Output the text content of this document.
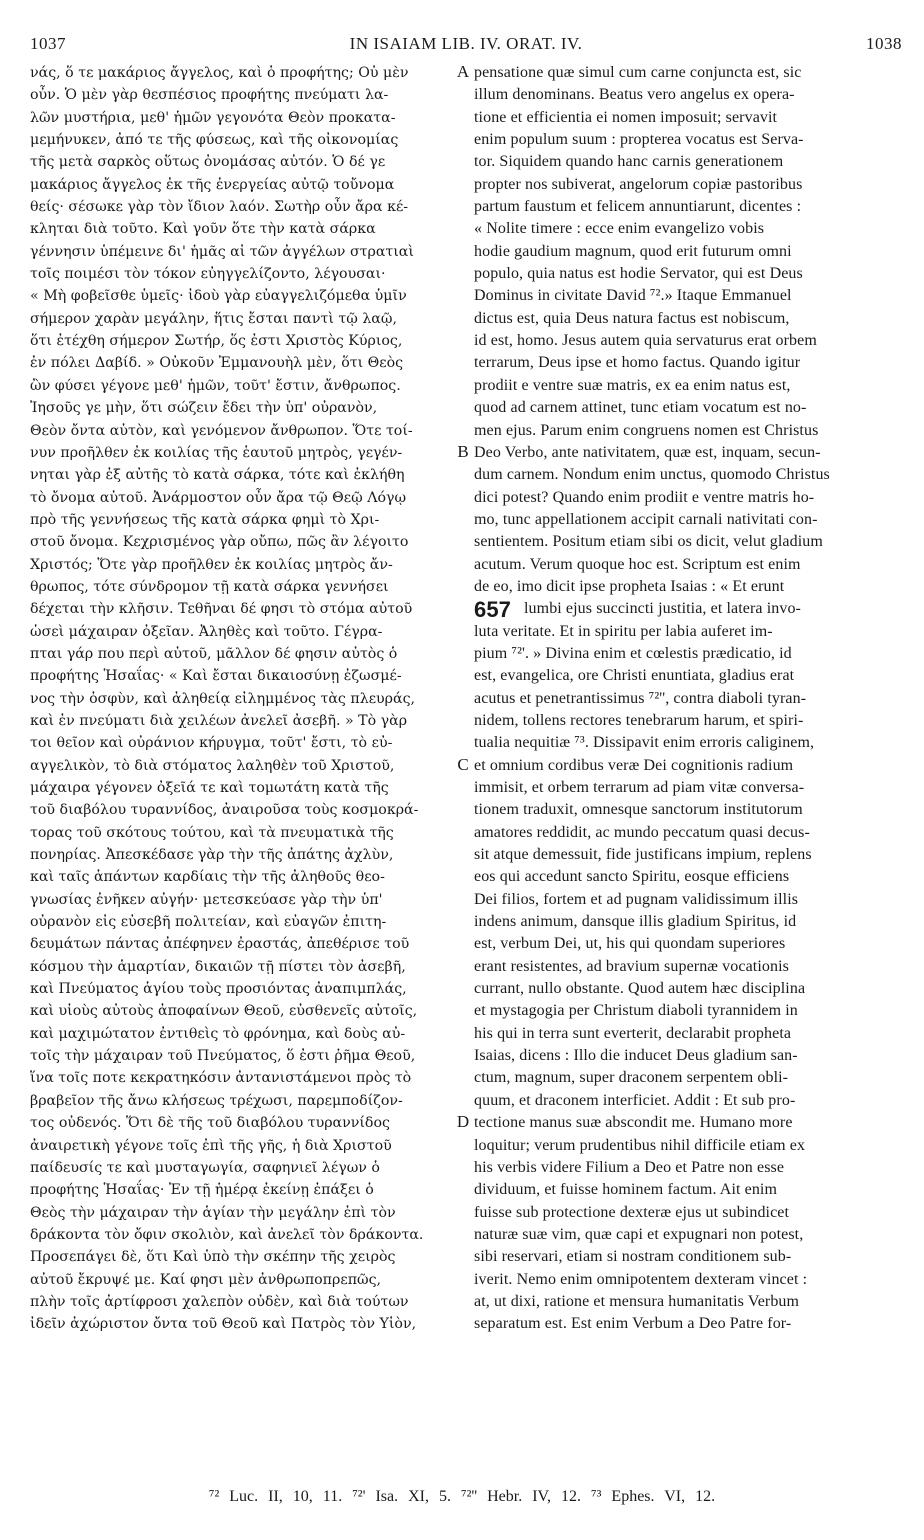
1037	IN ISAIAM LIB. IV. ORAT. IV.	1038
νάς, ὅ τε μακάριος ἄγγελος, καὶ ὁ προφήτης; Οὐ μὲν
οὖν. Ὁ μὲν γὰρ θεσπέσιος προφήτης πνεύματι λα-
λῶν μυστήρια, μεθ' ἡμῶν γεγονότα Θεὸν προκατα-
μεμήνυκεν, ἀπό τε τῆς φύσεως, καὶ τῆς οἰκονομίας
τῆς μετὰ σαρκὸς οὕτως ὀνομάσας αὐτόν. Ὁ δέ γε
μακάριος ἄγγελος ἐκ τῆς ἐνεργείας αὐτῷ τοὔνομα
θείς· σέσωκε γὰρ τὸν ἴδιον λαόν. Σωτὴρ οὖν ἄρα κέ-
κληται διὰ τοῦτο. Καὶ γοῦν ὅτε τὴν κατὰ σάρκα
γέννησιν ὑπέμεινε δι' ἡμᾶς αἱ τῶν ἀγγέλων στρατιαὶ
τοῖς ποιμέσι τὸν τόκον εὐηγγελίζοντο, λέγουσαι·
« Μὴ φοβεῖσθε ὑμεῖς· ἰδοὺ γὰρ εὐαγγελιζόμεθα ὑμῖν
σήμερον χαρὰν μεγάλην, ἥτις ἔσται παντὶ τῷ λαῷ,
ὅτι ἐτέχθη σήμερον Σωτήρ, ὅς ἐστι Χριστὸς Κύριος,
ἐν πόλει Δαβίδ. » Οὐκοῦν Ἐμμανουὴλ μὲν, ὅτι Θεὸς
ὢν φύσει γέγονε μεθ' ἡμῶν, τοῦτ' ἔστιν, ἄνθρωπος.
Ἰησοῦς γε μὴν, ὅτι σώζειν ἔδει τὴν ὑπ' οὐρανὸν,
Θεὸν ὄντα αὐτὸν, καὶ γενόμενον ἄνθρωπον. Ὅτε τοί-
νυν προῆλθεν ἐκ κοιλίας τῆς ἑαυτοῦ μητρὸς, γεγέν-
νηται γὰρ ἐξ αὐτῆς τὸ κατὰ σάρκα, τότε καὶ ἐκλήθη
τὸ ὄνομα αὐτοῦ. Ἀνάρμοστον οὖν ἄρα τῷ Θεῷ Λόγῳ
πρὸ τῆς γεννήσεως τῆς κατὰ σάρκα φημὶ τὸ Χρι-
στοῦ ὄνομα. Κεχρισμένος γὰρ οὔπω, πῶς ἂν λέγοιτο
Χριστός; Ὅτε γὰρ προῆλθεν ἐκ κοιλίας μητρὸς ἄν-
θρωπος, τότε σύνδρομον τῇ κατὰ σάρκα γεννήσει
δέχεται τὴν κλῆσιν. Τεθῆναι δέ φησι τὸ στόμα αὐτοῦ
ὡσεὶ μάχαιραν ὀξεῖαν. Ἀληθὲς καὶ τοῦτο. Γέγρα-
πται γάρ που περὶ αὐτοῦ, μᾶλλον δέ φησιν αὐτὸς ὁ
προφήτης Ἡσαΐας· « Καὶ ἔσται δικαιοσύνῃ ἐζωσμέ-
νος τὴν ὀσφὺν, καὶ ἀληθείᾳ εἰλημμένος τὰς πλευράς,
καὶ ἐν πνεύματι διὰ χειλέων ἀνελεῖ ἀσεβῆ. » Τὸ γὰρ
τοι θεῖον καὶ οὐράνιον κήρυγμα, τοῦτ' ἔστι, τὸ εὐ-
αγγελικὸν, τὸ διὰ στόματος λαληθὲν τοῦ Χριστοῦ,
μάχαιρα γέγονεν ὀξεῖά τε καὶ τομωτάτη κατὰ τῆς
τοῦ διαβόλου τυραννίδος, ἀναιροῦσα τοὺς κοσμοκρά-
τορας τοῦ σκότους τούτου, καὶ τὰ πνευματικὰ τῆς
πονηρίας. Ἀπεσκέδασε γὰρ τὴν τῆς ἀπάτης ἀχλὺν,
καὶ ταῖς ἁπάντων καρδίαις τὴν τῆς ἀληθοῦς θεο-
γνωσίας ἐνῆκεν αὐγήν· μετεσκεύασε γὰρ τὴν ὑπ'
οὐρανὸν εἰς εὐσεβῆ πολιτείαν, καὶ εὐαγῶν ἐπιτη-
δευμάτων πάντας ἀπέφηνεν ἐραστάς, ἀπεθέρισε τοῦ
κόσμου τὴν ἁμαρτίαν, δικαιῶν τῇ πίστει τὸν ἀσεβῆ,
καὶ Πνεύματος ἁγίου τοὺς προσιόντας ἀναπιμπλάς,
καὶ υἱοὺς αὐτοὺς ἀποφαίνων Θεοῦ, εὐσθενεῖς αὐτοῖς,
καὶ μαχιμώτατον ἐντιθεὶς τὸ φρόνημα, καὶ δοὺς αὐ-
τοῖς τὴν μάχαιραν τοῦ Πνεύματος, ὅ ἐστι ῥῆμα Θεοῦ,
ἵνα τοῖς ποτε κεκρατηκόσιν ἀντανιστάμενοι πρὸς τὸ
βραβεῖον τῆς ἄνω κλήσεως τρέχωσι, παρεμποδίζον-
τος οὐδενός. Ὅτι δὲ τῆς τοῦ διαβόλου τυραννίδος
ἀναιρετικὴ γέγονε τοῖς ἐπὶ τῆς γῆς, ἡ διὰ Χριστοῦ
παίδευσίς τε καὶ μυσταγωγία, σαφηνιεῖ λέγων ὁ
προφήτης Ἡσαΐας· Ἐν τῇ ἡμέρᾳ ἐκείνῃ ἐπάξει ὁ
Θεὸς τὴν μάχαιραν τὴν ἁγίαν τὴν μεγάλην ἐπὶ τὸν
δράκοντα τὸν ὄφιν σκολιὸν, καὶ ἀνελεῖ τὸν δράκοντα.
Προσεπάγει δὲ, ὅτι Καὶ ὑπὸ τὴν σκέπην τῆς χειρὸς
αὐτοῦ ἔκρυψέ με. Καί φησι μὲν ἀνθρωποπρεπῶς,
πλὴν τοῖς ἀρτίφροσι χαλεπὸν οὐδὲν, καὶ διὰ τούτων
ἰδεῖν ἀχώριστον ὄντα τοῦ Θεοῦ καὶ Πατρὸς τὸν Υἱὸν,
A
B
C
D
pensatione quæ simul cum carne conjuncta est, sic
illum denominans. Beatus vero angelus ex opera-
tione et efficientia ei nomen imposuit; servavit
enim populum suum : propterea vocatus est Serva-
tor. Siquidem quando hanc carnis generationem
propter nos subiverat, angelorum copiæ pastoribus
partum faustum et felicem annuntiarunt, dicentes :
« Nolite timere : ecce enim evangelizo vobis
hodie gaudium magnum, quod erit futurum omni
populo, quia natus est hodie Servator, qui est Deus
Dominus in civitate David ⁷².» Itaque Emmanuel
dictus est, quia Deus natura factus est nobiscum,
id est, homo. Jesus autem quia servaturus erat orbem
terrarum, Deus ipse et homo factus. Quando igitur
prodiit e ventre suæ matris, ex ea enim natus est,
quod ad carnem attinet, tunc etiam vocatum est no-
men ejus. Parum enim congruens nomen est Christus
Deo Verbo, ante nativitatem, quæ est, inquam, secun-
dum carnem. Nondum enim unctus, quomodo Christus
dici potest? Quando enim prodiit e ventre matris ho-
mo, tunc appellationem accipit carnali nativitati con-
sentientem. Positum etiam sibi os dicit, velut gladium
acutum. Verum quoque hoc est. Scriptum est enim
de eo, imo dicit ipse propheta Isaias : « Et erunt
lumbi ejus succincti justitia, et latera invo-
luta veritate. Et in spiritu per labia auferet im-
pium ⁷²'. » Divina enim et cœlestis prædicatio, id
est, evangelica, ore Christi enuntiata, gladius erat
acutus et penetrantissimus ⁷²'', contra diaboli tyran-
nidem, tollens rectores tenebrarum harum, et spiri-
tualia nequitiæ ⁷³. Dissipavit enim erroris caliginem,
et omnium cordibus veræ Dei cognitionis radium
immisit, et orbem terrarum ad piam vitæ conversa-
tionem traduxit, omnesque sanctorum institutorum
amatores reddidit, ac mundo peccatum quasi decus-
sit atque demessuit, fide justificans impium, replens
eos qui accedunt sancto Spiritu, eosque efficiens
Dei filios, fortem et ad pugnam validissimum illis
indens animum, dansque illis gladium Spiritus, id
est, verbum Dei, ut, his qui quondam superiores
erant resistentes, ad bravium supernæ vocationis
currant, nullo obstante. Quod autem hæc disciplina
et mystagogia per Christum diaboli tyrannidem in
his qui in terra sunt everterit, declarabit propheta
Isaias, dicens : Illo die inducet Deus gladium san-
ctum, magnum, super draconem serpentem obli-
quum, et draconem interficiet. Addit : Et sub pro-
tectione manus suæ abscondit me. Humano more
loquitur; verum prudentibus nihil difficile etiam ex
his verbis videre Filium a Deo et Patre non esse
dividuum, et fuisse hominem factum. Ait enim
fuisse sub protectione dexteræ ejus ut subindicet
naturæ suæ vim, quæ capi et expugnari non potest,
sibi reservari, etiam si nostram conditionem sub-
iverit. Nemo enim omnipotentem dexteram vincet :
at, ut dixi, ratione et mensura humanitatis Verbum
separatum est. Est enim Verbum a Deo Patre for-
657
⁷² Luc. II, 10, 11. ⁷²' Isa. XI, 5. ⁷²'' Hebr. IV, 12. ⁷³ Ephes. VI, 12.
